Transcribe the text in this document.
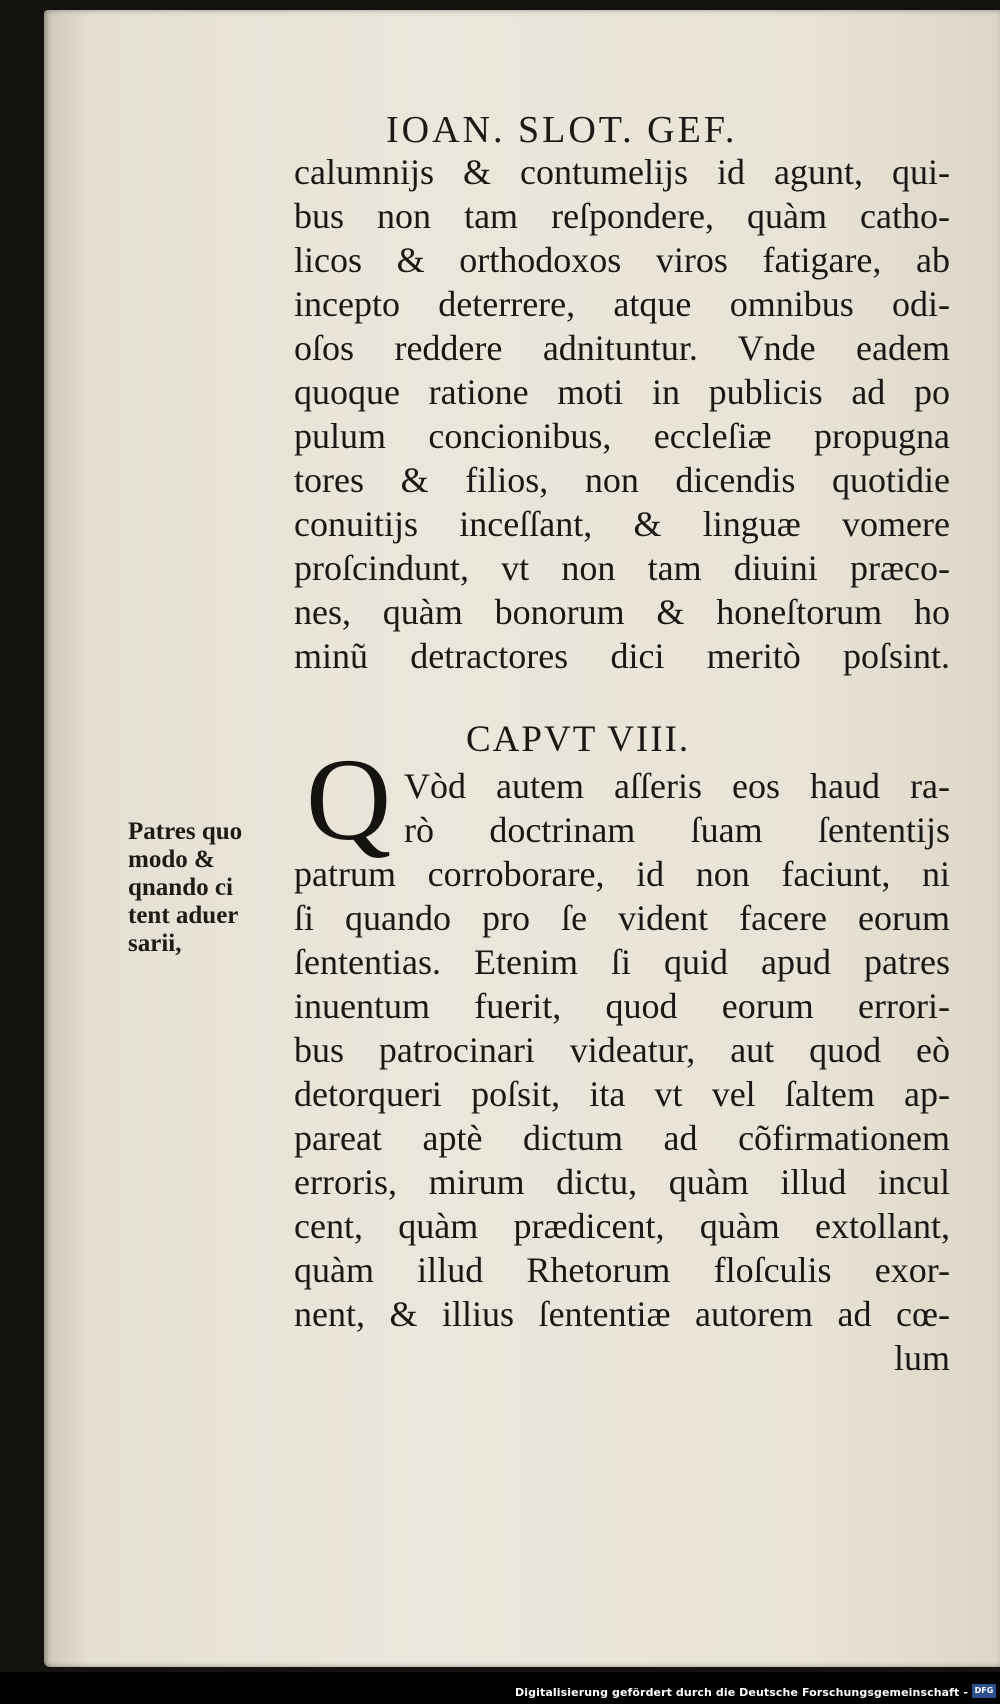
IOAN. SLOT. GEF.
calumnijs & contumelijs id agunt, qui-
bus non tam reſpondere, quàm catho-
licos & orthodoxos viros fatigare, ab
incepto deterrere, atque omnibus odi-
oſos reddere adnituntur. Vnde eadem
quoque ratione moti in publicis ad po
pulum concionibus, eccleſiæ propugna
tores & filios, non dicendis quotidie
conuitijs inceſſant, & linguæ vomere
proſcindunt, vt non tam diuini præco-
nes, quàm bonorum & honeſtorum ho
minũ detractores dici meritò poſsint.
CAPVT VIII.
Q
Patres quo
modo &
qnando ci
tent aduer
sarii,
Vòd autem aſſeris eos haud ra-
rò doctrinam ſuam ſententijs
patrum corroborare, id non faciunt, ni
ſi quando pro ſe vident facere eorum
ſententias. Etenim ſi quid apud patres
inuentum fuerit, quod eorum errori-
bus patrocinari videatur, aut quod eò
detorqueri poſsit, ita vt vel ſaltem ap-
pareat aptè dictum ad cõfirmationem
erroris, mirum dictu, quàm illud incul
cent, quàm prædicent, quàm extollant,
quàm illud Rhetorum floſculis exor-
nent, & illius ſententiæ autorem ad cœ-
lum
Digitalisierung gefördert durch die Deutsche Forschungsgemeinschaft - DFG
